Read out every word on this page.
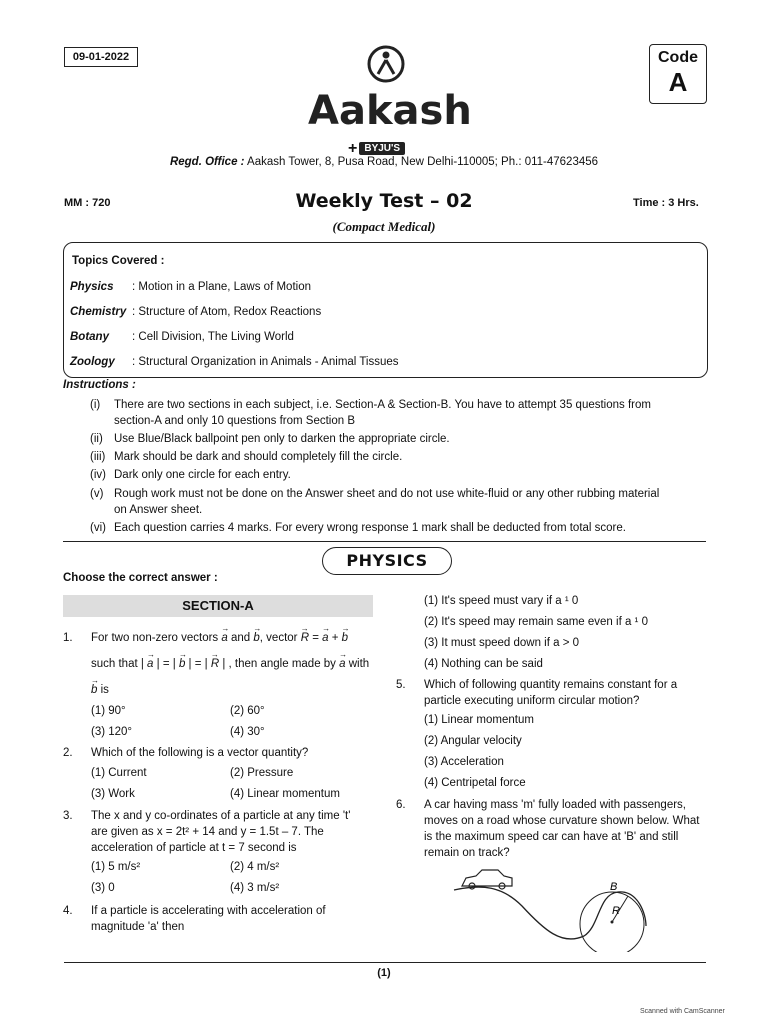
09-01-2022
Aakash
+ BYJU'S
Code
A
Regd. Office : Aakash Tower, 8, Pusa Road, New Delhi-110005; Ph.: 011-47623456
MM : 720	Weekly Test – 02	Time : 3 Hrs.
(Compact Medical)
Topics Covered :
Physics : Motion in a Plane, Laws of Motion
Chemistry : Structure of Atom, Redox Reactions
Botany : Cell Division, The Living World
Zoology : Structural Organization in Animals - Animal Tissues
Instructions :
(i) There are two sections in each subject, i.e. Section-A & Section-B. You have to attempt 35 questions from
section-A and only 10 questions from Section B
(ii) Use Blue/Black ballpoint pen only to darken the appropriate circle.
(iii) Mark should be dark and should completely fill the circle.
(iv) Dark only one circle for each entry.
(v) Rough work must not be done on the Answer sheet and do not use white-fluid or any other rubbing material
on Answer sheet.
(vi) Each question carries 4 marks. For every wrong response 1 mark shall be deducted from total score.
PHYSICS
Choose the correct answer :
SECTION-A
1. For two non-zero vectors → a and → b, vector → R = → a + → b
such that | → a | = | → b | = | → R | , then angle made by → a with
→ b is
(1) 90°	(2) 60°
(3) 120°	(4) 30°
2. Which of the following is a vector quantity?
(1) Current	(2) Pressure
(3) Work	(4) Linear momentum
3. The x and y co-ordinates of a particle at any time 't'
are given as x = 2t² + 14 and y = 1.5t – 7. The
acceleration of particle at t = 7 second is
(1) 5 m/s²	(2) 4 m/s²
(3) 0	(4) 3 m/s²
4. If a particle is accelerating with acceleration of
magnitude 'a' then
(1) It's speed must vary if a ¹ 0
(2) It's speed may remain same even if a ¹ 0
(3) It must speed down if a > 0
(4) Nothing can be said
5. Which of following quantity remains constant for a
particle executing uniform circular motion?
(1) Linear momentum
(2) Angular velocity
(3) Acceleration
(4) Centripetal force
6. A car having mass 'm' fully loaded with passengers,
moves on a road whose curvature shown below. What
is the maximum speed car can have at 'B' and still
remain on track?
B
R
(1)
Scanned with CamScanner
